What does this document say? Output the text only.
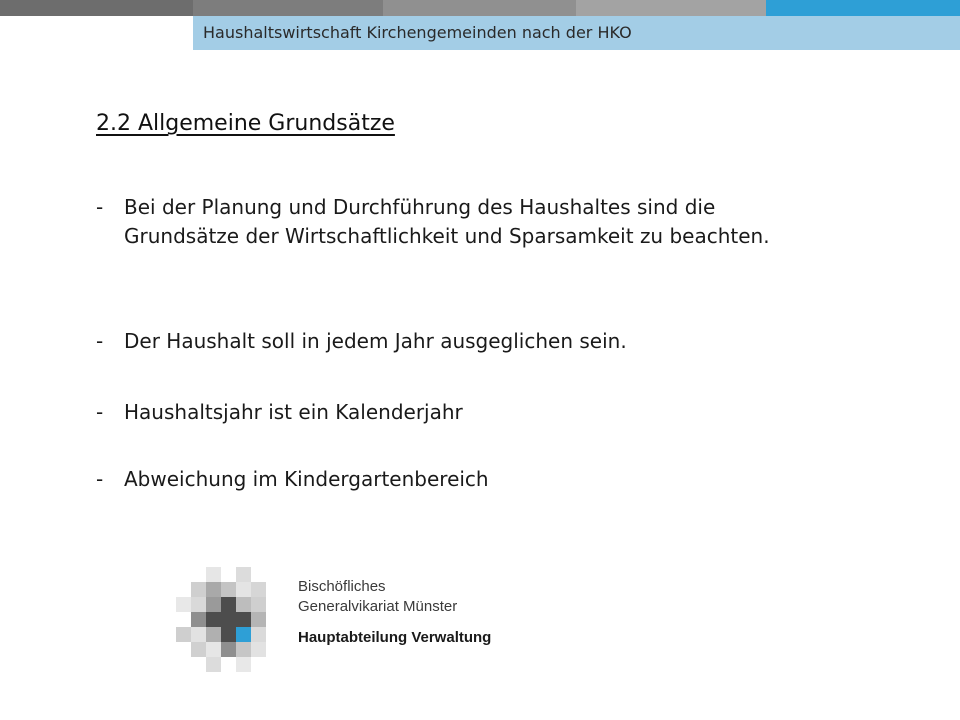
Haushaltswirtschaft Kirchengemeinden nach der HKO
2.2 Allgemeine Grundsätze
-	Bei der Planung und Durchführung des Haushaltes sind die Grundsätze der Wirtschaftlichkeit und Sparsamkeit zu beachten.
-	Der Haushalt soll in jedem Jahr ausgeglichen sein.
-	Haushaltsjahr ist ein Kalenderjahr
-	Abweichung im Kindergartenbereich
Bischöfliches
Generalvikariat Münster
Hauptabteilung Verwaltung
